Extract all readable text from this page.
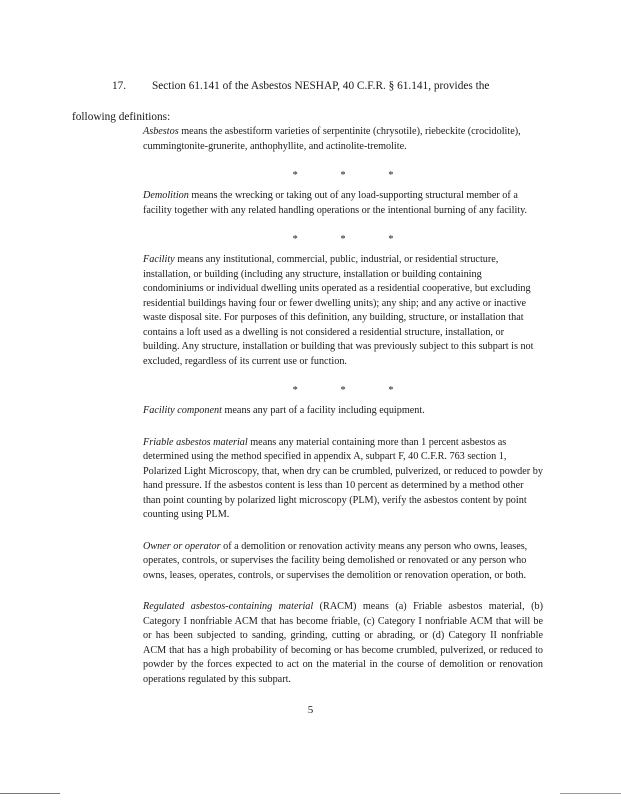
17.	Section 61.141 of the Asbestos NESHAP, 40 C.F.R. § 61.141, provides the
following definitions:

Asbestos means the asbestiform varieties of serpentinite (chrysotile), riebeckite (crocidolite), cummingtonite-grunerite, anthophyllite, and actinolite-tremolite.

* * *

Demolition means the wrecking or taking out of any load-supporting structural member of a facility together with any related handling operations or the intentional burning of any facility.

* * *

Facility means any institutional, commercial, public, industrial, or residential structure, installation, or building (including any structure, installation or building containing condominiums or individual dwelling units operated as a residential cooperative, but excluding residential buildings having four or fewer dwelling units); any ship; and any active or inactive waste disposal site. For purposes of this definition, any building, structure, or installation that contains a loft used as a dwelling is not considered a residential structure, installation, or building. Any structure, installation or building that was previously subject to this subpart is not excluded, regardless of its current use or function.

* * *

Facility component means any part of a facility including equipment.

Friable asbestos material means any material containing more than 1 percent asbestos as determined using the method specified in appendix A, subpart F, 40 C.F.R. 763 section 1, Polarized Light Microscopy, that, when dry can be crumbled, pulverized, or reduced to powder by hand pressure. If the asbestos content is less than 10 percent as determined by a method other than point counting by polarized light microscopy (PLM), verify the asbestos content by point counting using PLM.

Owner or operator of a demolition or renovation activity means any person who owns, leases, operates, controls, or supervises the facility being demolished or renovated or any person who owns, leases, operates, controls, or supervises the demolition or renovation operation, or both.

Regulated asbestos-containing material (RACM) means (a) Friable asbestos material, (b) Category I nonfriable ACM that has become friable, (c) Category I nonfriable ACM that will be or has been subjected to sanding, grinding, cutting or abrading, or (d) Category II nonfriable ACM that has a high probability of becoming or has become crumbled, pulverized, or reduced to powder by the forces expected to act on the material in the course of demolition or renovation operations regulated by this subpart.

5
